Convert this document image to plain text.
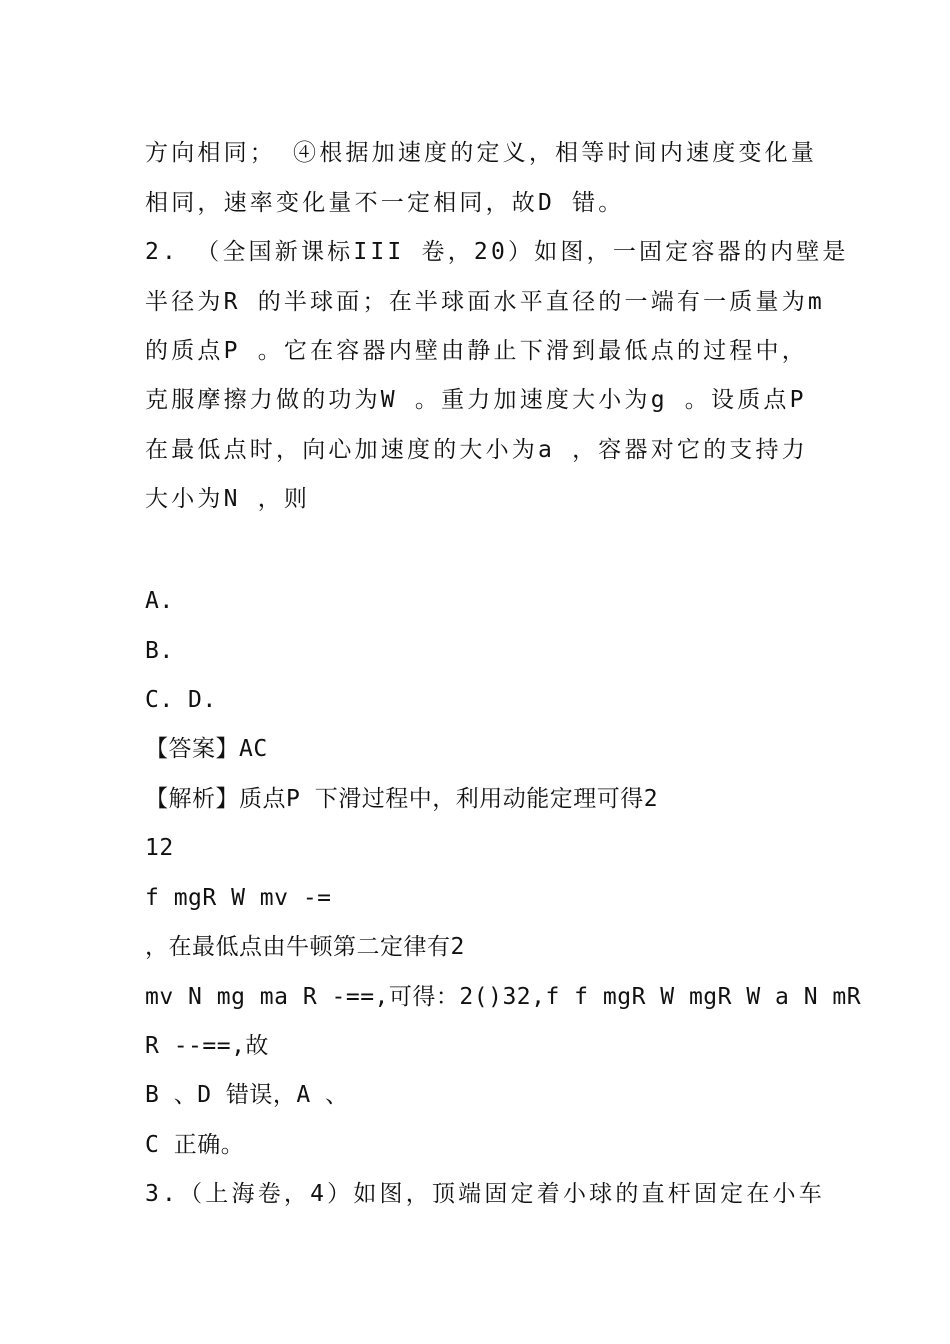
方向相同； ④根据加速度的定义，相等时间内速度变化量
相同，速率变化量不一定相同，故D 错。
2. （全国新课标III 卷，20）如图，一固定容器的内壁是
半径为R 的半球面；在半球面水平直径的一端有一质量为m
的质点P 。它在容器内壁由静止下滑到最低点的过程中，
克服摩擦力做的功为W 。重力加速度大小为g 。设质点P
在最低点时，向心加速度的大小为a ，容器对它的支持力
大小为N ，则
A.
B.
C. D.
【答案】AC
【解析】质点P 下滑过程中，利用动能定理可得2
12
f mgR W mv -=
，在最低点由牛顿第二定律有2
mv N mg ma R -==,可得：2()32,f f mgR W mgR W a N mR
R --==,故
B 、D 错误，A 、
C 正确。
3.（上海卷，4）如图，顶端固定着小球的直杆固定在小车
